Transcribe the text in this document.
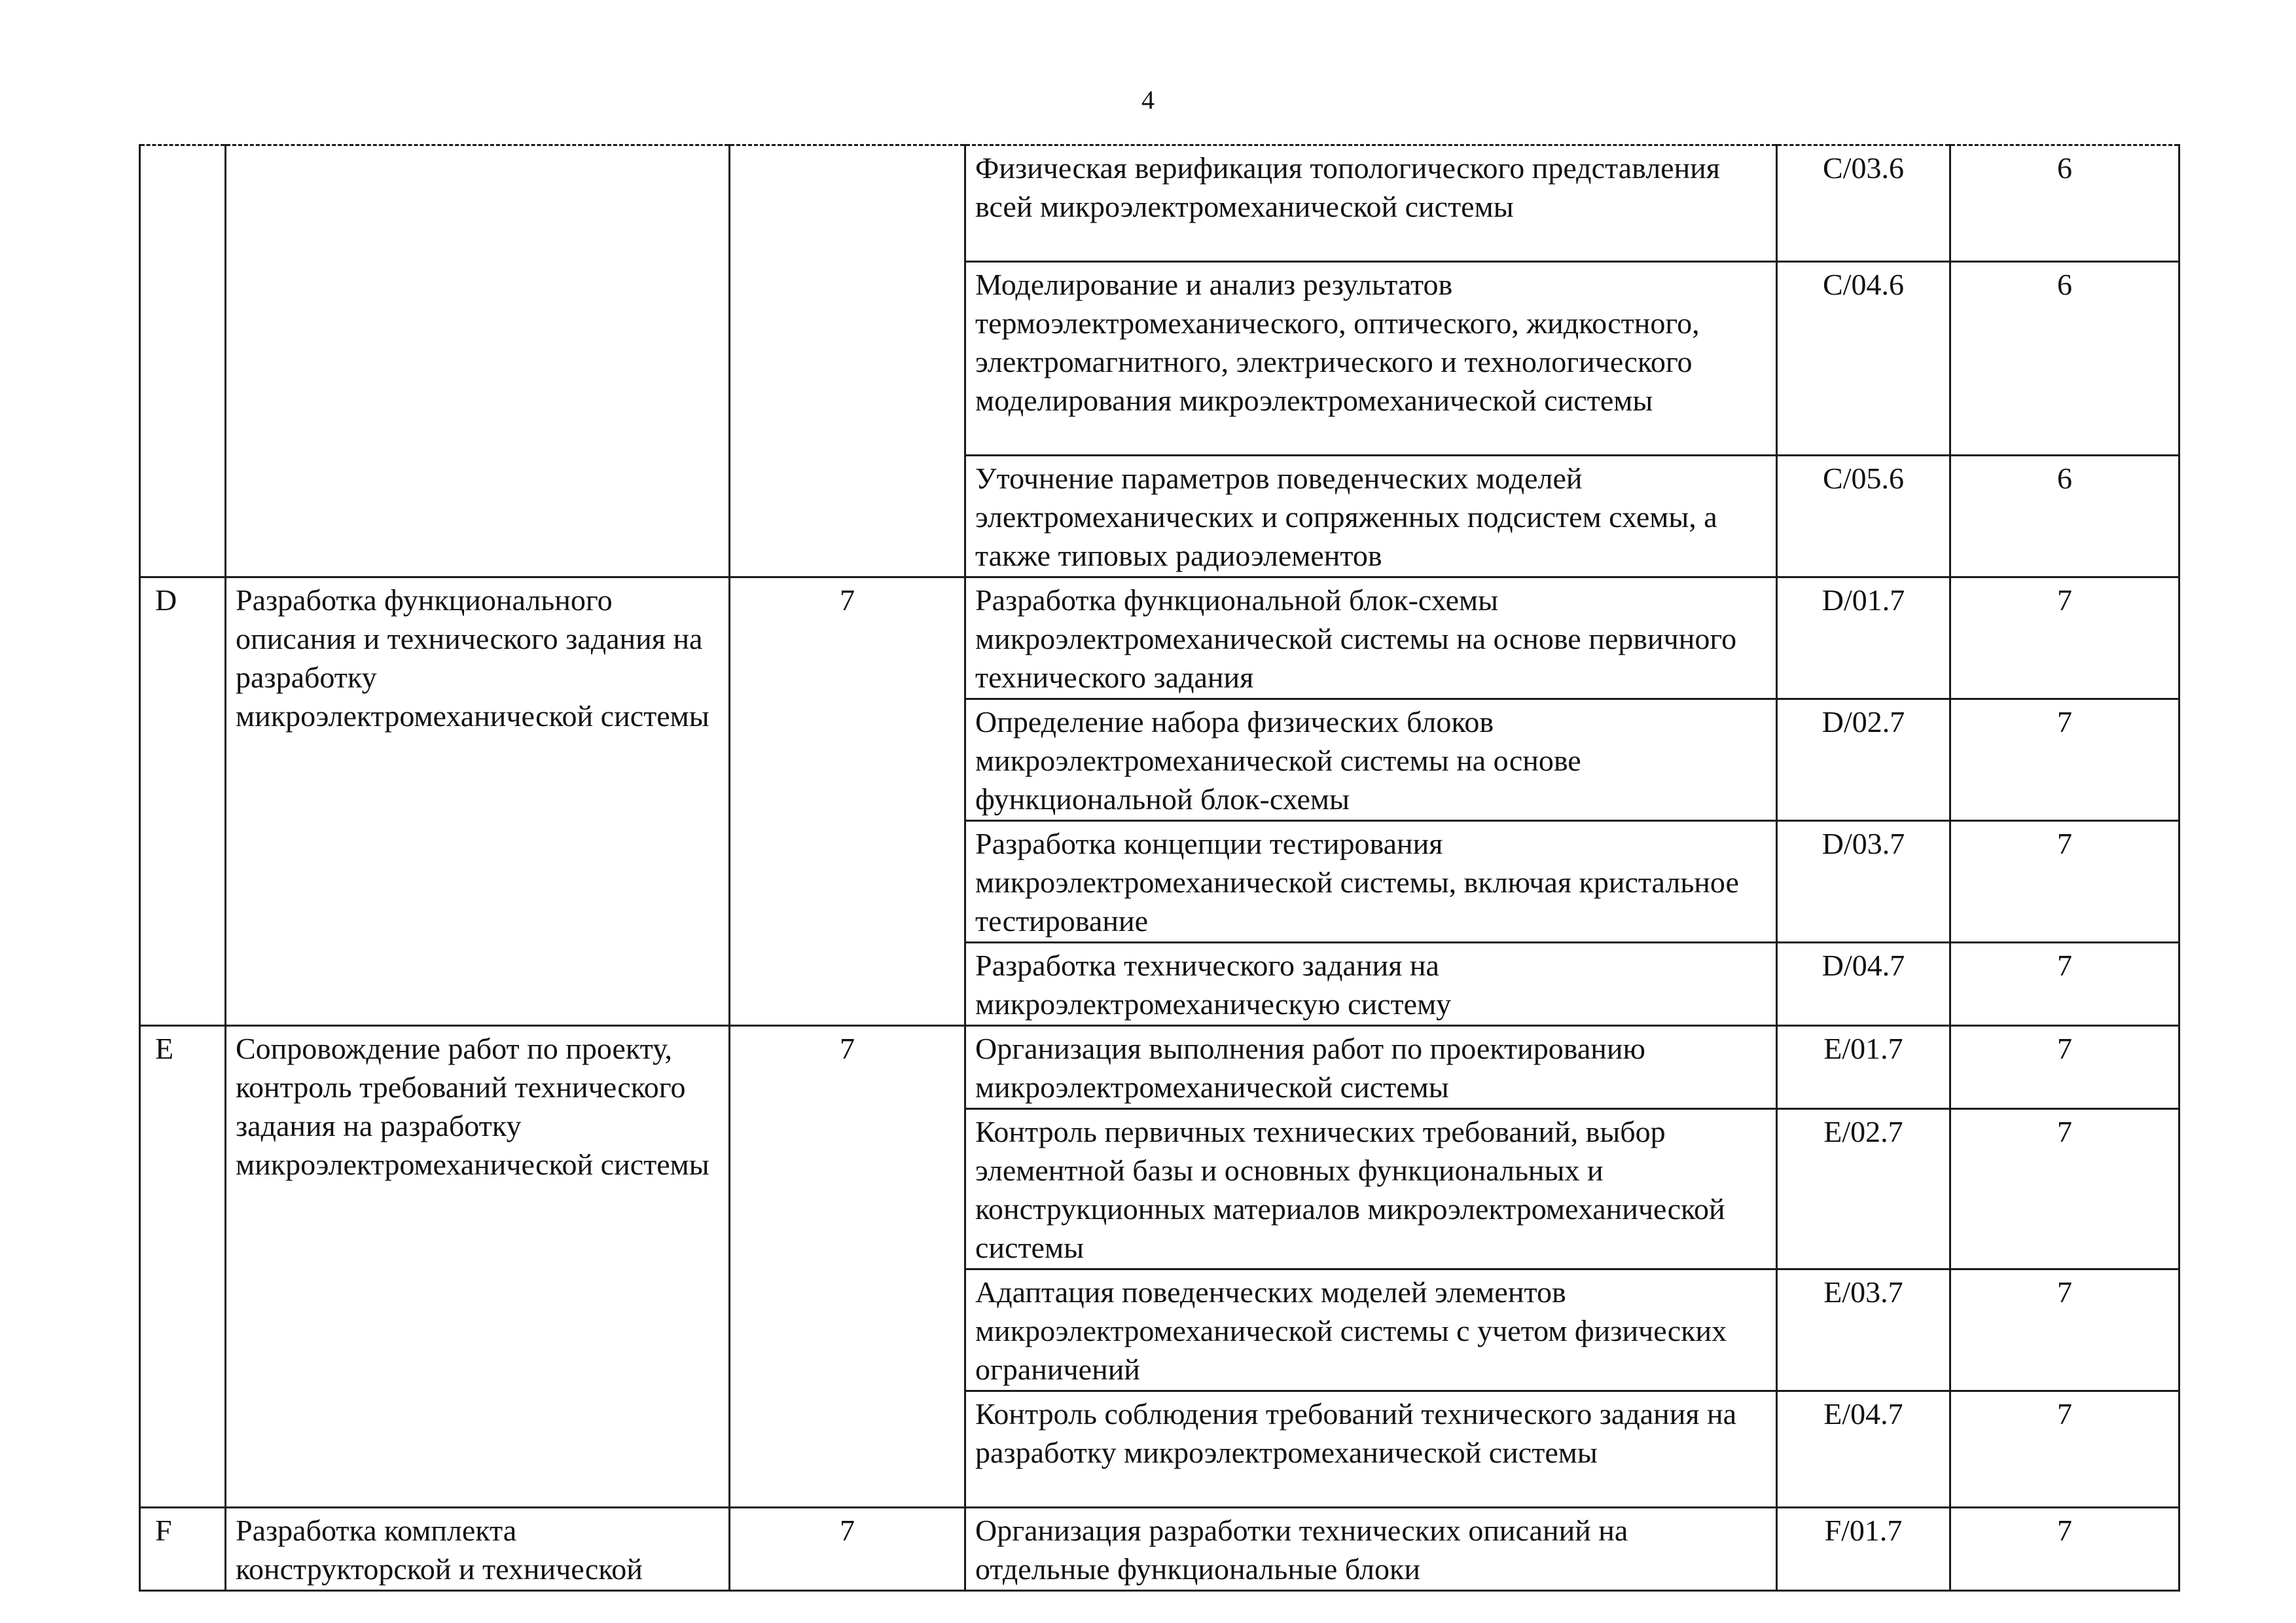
4
			Физическая верификация топологического представления всей микроэлектромеханической системы	C/03.6	6
			Моделирование и анализ результатов термоэлектромеханического, оптического, жидкостного, электромагнитного, электрического и технологического моделирования микроэлектромеханической системы	C/04.6	6
			Уточнение параметров поведенческих моделей электромеханических и сопряженных подсистем схемы, а также типовых радиоэлементов	C/05.6	6
D	Разработка функционального описания и технического задания на разработку микроэлектромеханической системы	7	Разработка функциональной блок-схемы микроэлектромеханической системы на основе первичного технического задания	D/01.7	7
			Определение набора физических блоков микроэлектромеханической системы на основе функциональной блок-схемы	D/02.7	7
			Разработка концепции тестирования микроэлектромеханической системы, включая кристальное тестирование	D/03.7	7
			Разработка технического задания на микроэлектромеханическую систему	D/04.7	7
E	Сопровождение работ по проекту, контроль требований технического задания на разработку микроэлектромеханической системы	7	Организация выполнения работ по проектированию микроэлектромеханической системы	E/01.7	7
			Контроль первичных технических требований, выбор элементной базы и основных функциональных и конструкционных материалов микроэлектромеханической системы	E/02.7	7
			Адаптация поведенческих моделей элементов микроэлектромеханической системы с учетом физических ограничений	E/03.7	7
			Контроль соблюдения требований технического задания на разработку микроэлектромеханической системы	E/04.7	7
F	Разработка комплекта конструкторской и технической	7	Организация разработки технических описаний на отдельные функциональные блоки	F/01.7	7
